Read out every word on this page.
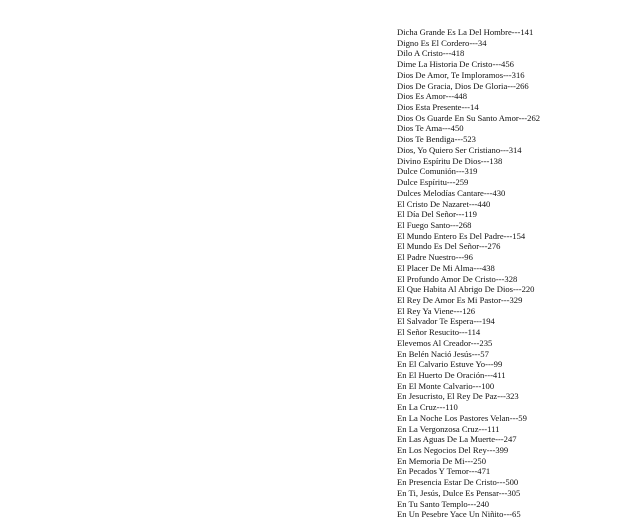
Dicha Grande Es La Del Hombre---141
Digno Es El Cordero---34
Dilo A Cristo---418
Dime La Historia De Cristo---456
Dios De Amor, Te Imploramos---316
Dios De Gracia, Dios De Gloria---266
Dios Es Amor---448
Dios Esta Presente---14
Dios Os Guarde En Su Santo Amor---262
Dios Te Ama---450
Dios Te Bendiga---523
Dios, Yo Quiero Ser Cristiano---314
Divino Espíritu De Dios---138
Dulce Comunión---319
Dulce Espíritu---259
Dulces Melodías Cantare---430
El Cristo De Nazaret---440
El Día Del Señor---119
El Fuego Santo---268
El Mundo Entero Es Del Padre---154
El Mundo Es Del Señor---276
El Padre Nuestro---96
El Placer De Mi Alma---438
El Profundo Amor De Cristo---328
El Que Habita Al Abrigo De Dios---220
El Rey De Amor Es Mi Pastor---329
El Rey Ya Viene---126
El Salvador Te Espera---194
El Señor Resucito---114
Elevemos Al Creador---235
En Belén Nació Jesús---57
En El Calvario Estuve Yo---99
En El Huerto De Oración---411
En El Monte Calvario---100
En Jesucristo, El Rey De Paz---323
En La Cruz---110
En La Noche Los Pastores Velan---59
En La Vergonzosa Cruz---111
En Las Aguas De La Muerte---247
En Los Negocios Del Rey---399
En Memoria De Mi---250
En Pecados Y Temor---471
En Presencia Estar De Cristo---500
En Ti, Jesús, Dulce Es Pensar---305
En Tu Santo Templo---240
En Un Pesebre Yace Un Niñito---65
